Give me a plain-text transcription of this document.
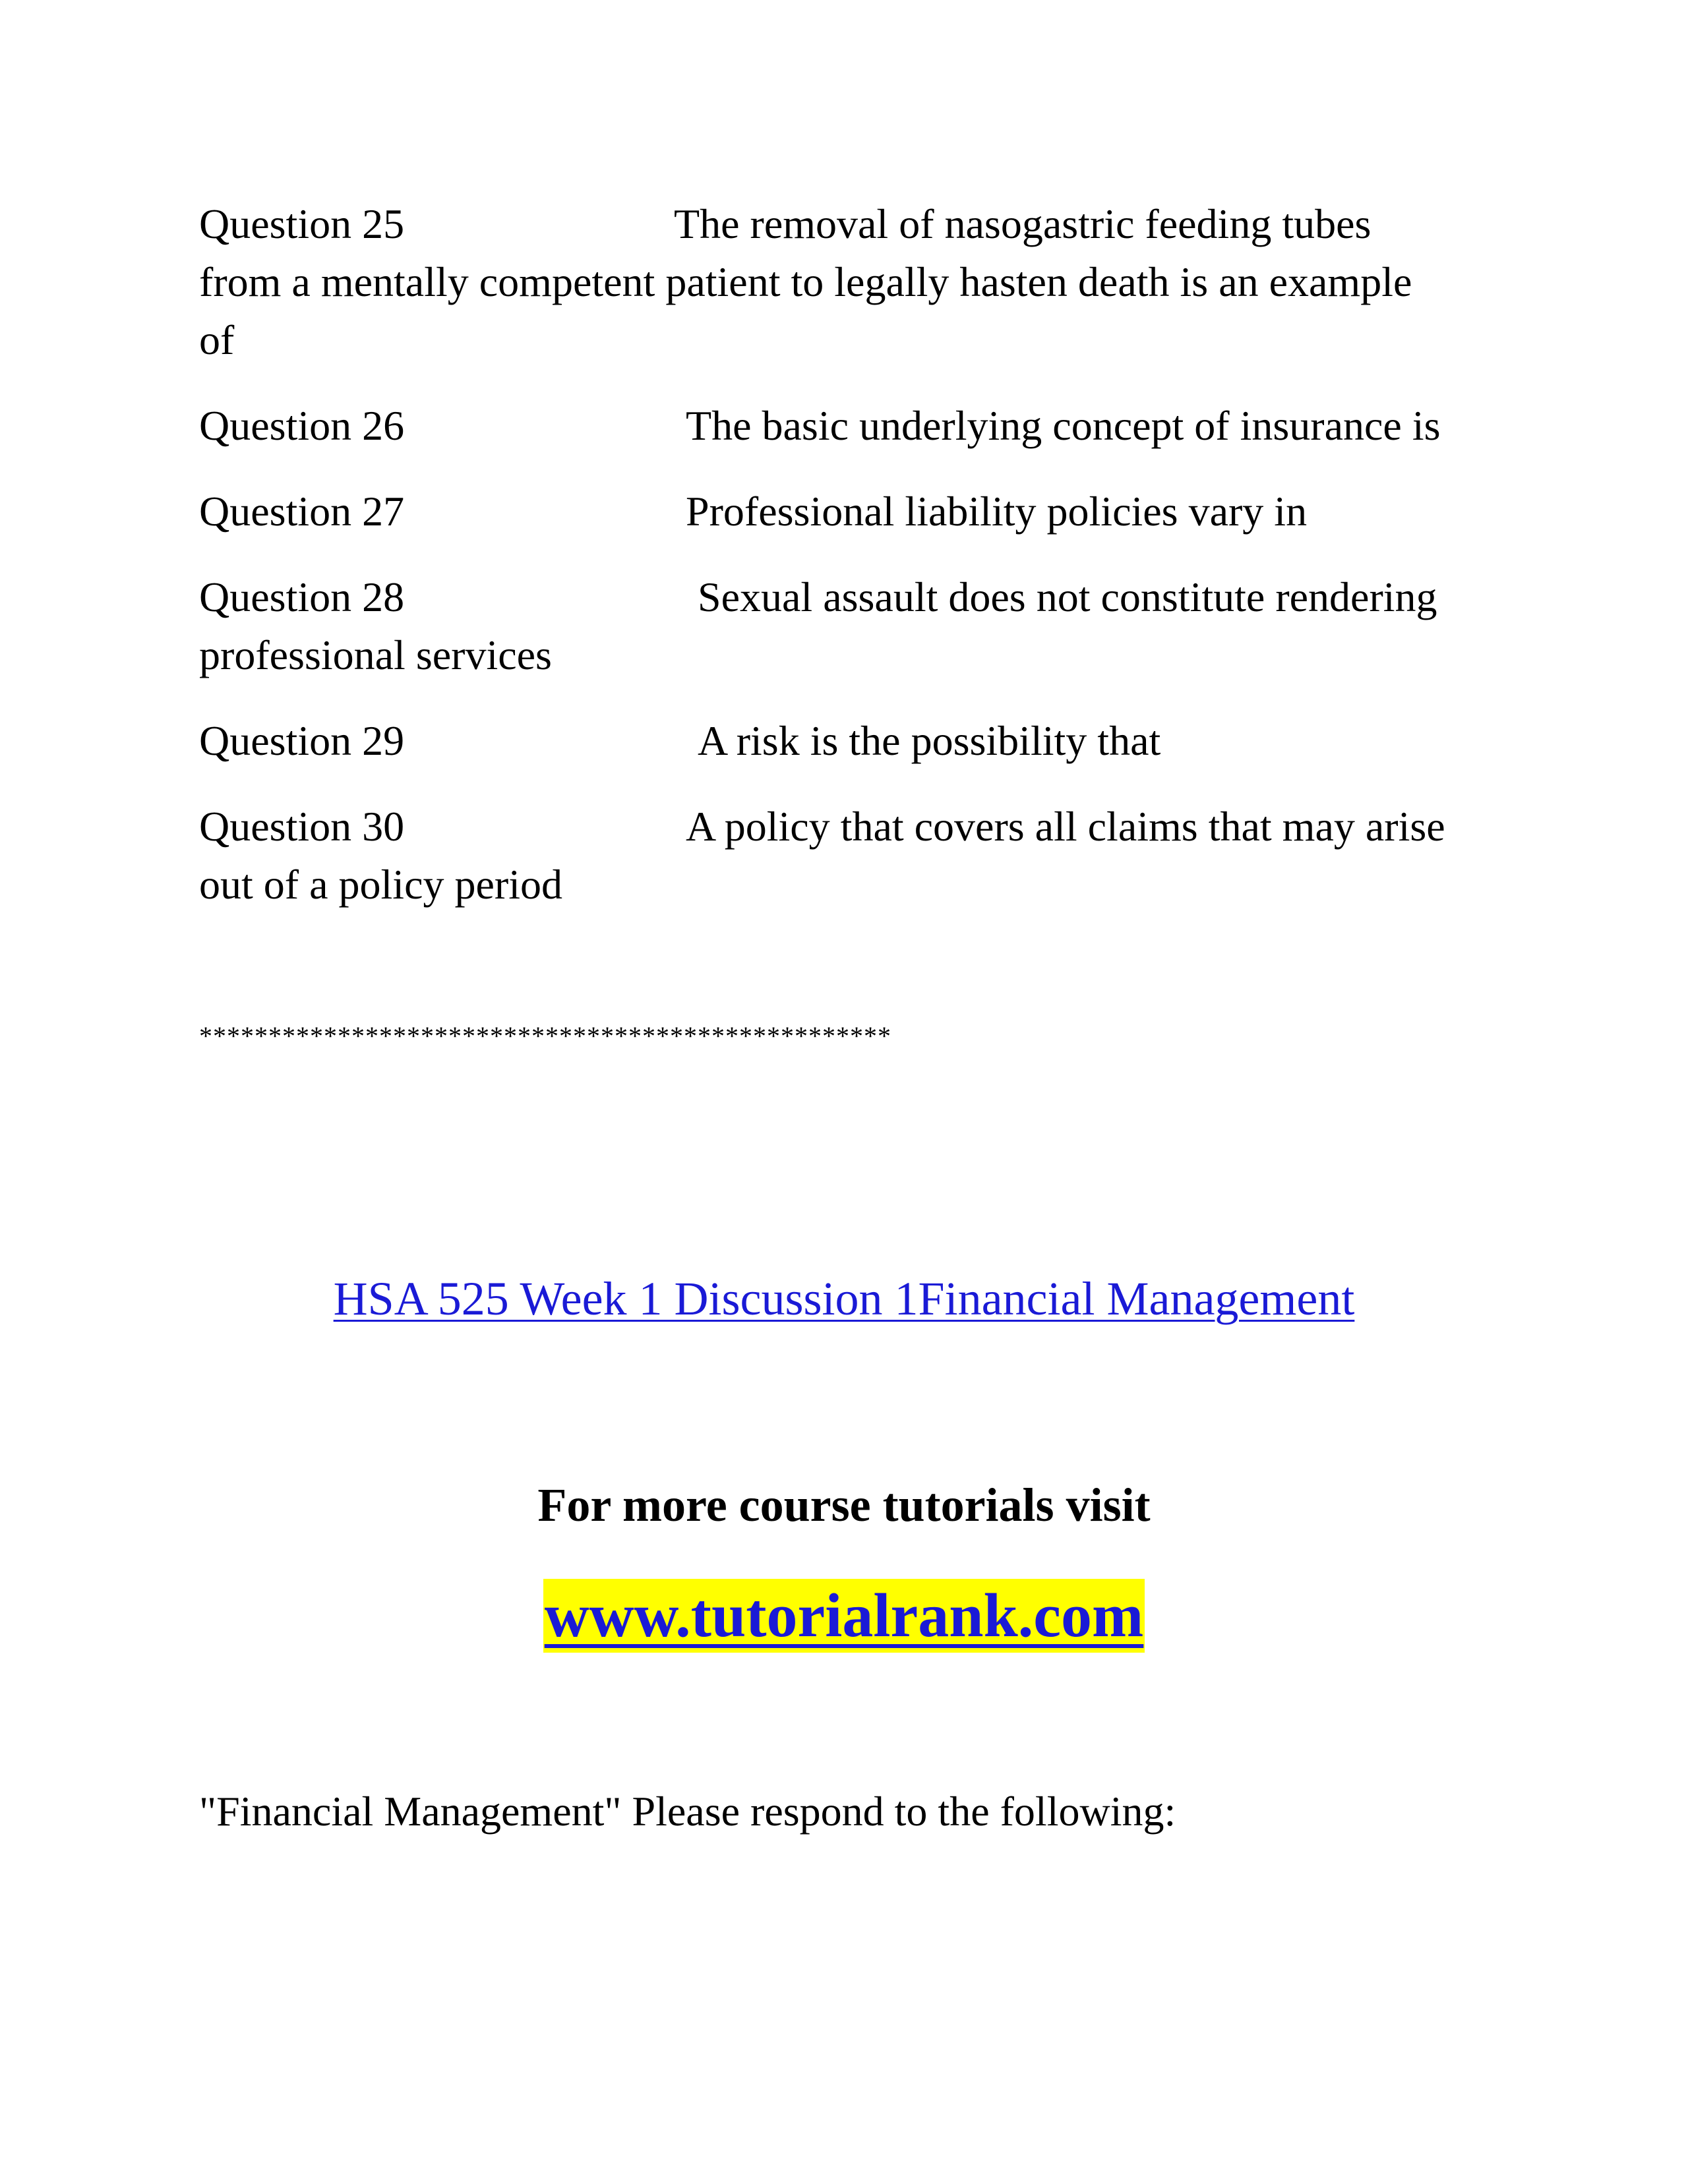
Question 25	The removal of nasogastric feeding tubes
from a mentally competent patient to legally hasten death is an example
of
Question 26	The basic underlying concept of insurance is
Question 27	Professional liability policies vary in
Question 28	Sexual assault does not constitute rendering
professional services
Question 29	A risk is the possibility that
Question 30	A policy that covers all claims that may arise
out of a policy period
**************************************************
HSA 525 Week 1 Discussion 1Financial Management
For more course tutorials visit
www.tutorialrank.com
"Financial Management" Please respond to the following:
